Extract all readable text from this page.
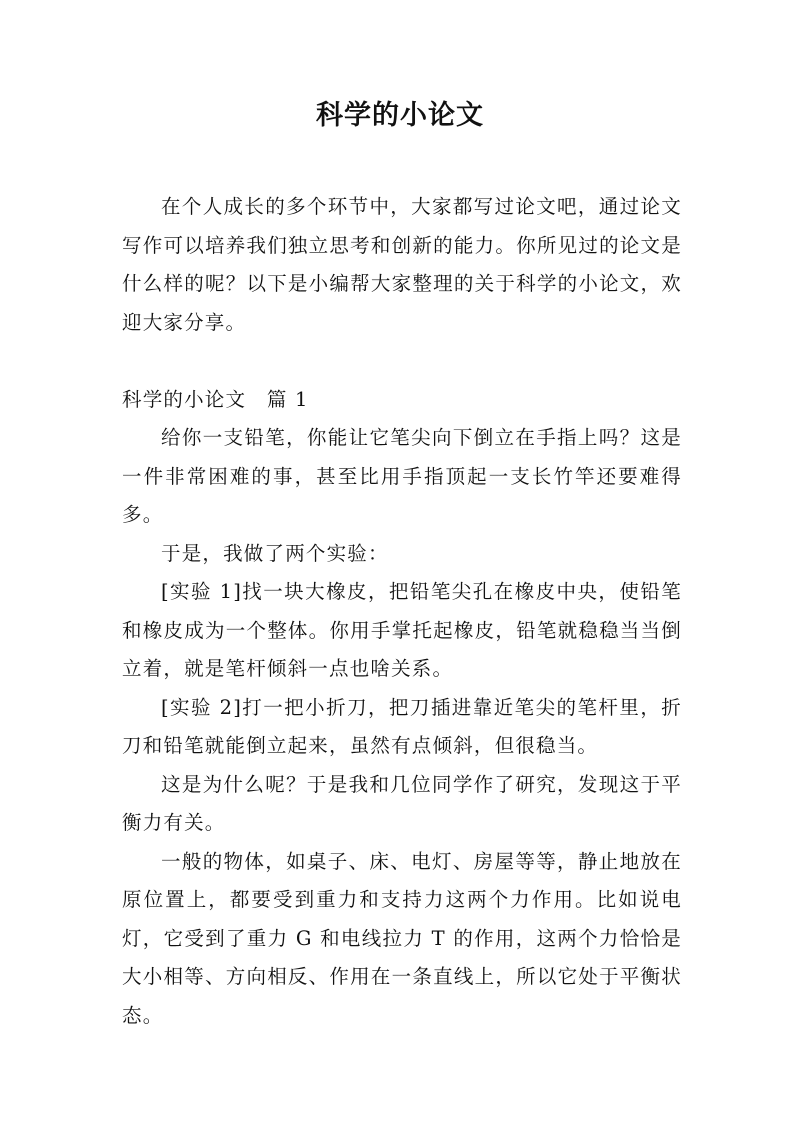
科学的小论文

在个人成长的多个环节中，大家都写过论文吧，通过论文写作可以培养我们独立思考和创新的能力。你所见过的论文是什么样的呢？以下是小编帮大家整理的关于科学的小论文，欢迎大家分享。

科学的小论文　篇 1

给你一支铅笔，你能让它笔尖向下倒立在手指上吗？这是一件非常困难的事，甚至比用手指顶起一支长竹竿还要难得多。

于是，我做了两个实验：

[实验 1]找一块大橡皮，把铅笔尖孔在橡皮中央，使铅笔和橡皮成为一个整体。你用手掌托起橡皮，铅笔就稳稳当当倒立着，就是笔杆倾斜一点也啥关系。

[实验 2]打一把小折刀，把刀插进靠近笔尖的笔杆里，折刀和铅笔就能倒立起来，虽然有点倾斜，但很稳当。

这是为什么呢？于是我和几位同学作了研究，发现这于平衡力有关。

一般的物体，如桌子、床、电灯、房屋等等，静止地放在原位置上，都要受到重力和支持力这两个力作用。比如说电灯，它受到了重力 G 和电线拉力 T 的作用，这两个力恰恰是大小相等、方向相反、作用在一条直线上，所以它处于平衡状态。
